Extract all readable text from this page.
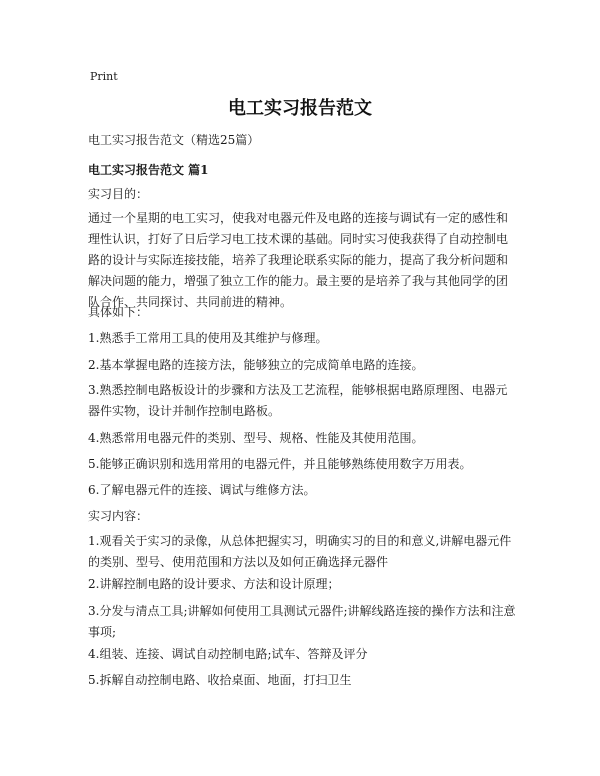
Print
电工实习报告范文

电工实习报告范文（精选25篇）

电工实习报告范文 篇1

实习目的：

通过一个星期的电工实习，使我对电器元件及电路的连接与调试有一定的感性和理性认识，打好了日后学习电工技术课的基础。同时实习使我获得了自动控制电路的设计与实际连接技能，培养了我理论联系实际的能力，提高了我分析问题和解决问题的能力，增强了独立工作的能力。最主要的是培养了我与其他同学的团队合作、共同探讨、共同前进的精神。

具体如下：

1.熟悉手工常用工具的使用及其维护与修理。

2.基本掌握电路的连接方法，能够独立的完成简单电路的连接。

3.熟悉控制电路板设计的步骤和方法及工艺流程，能够根据电路原理图、电器元器件实物，设计并制作控制电路板。

4.熟悉常用电器元件的类别、型号、规格、性能及其使用范围。

5.能够正确识别和选用常用的电器元件，并且能够熟练使用数字万用表。

6.了解电器元件的连接、调试与维修方法。

实习内容：

1.观看关于实习的录像，从总体把握实习，明确实习的目的和意义,讲解电器元件的类别、型号、使用范围和方法以及如何正确选择元器件

2.讲解控制电路的设计要求、方法和设计原理；

3.分发与清点工具;讲解如何使用工具测试元器件;讲解线路连接的操作方法和注意事项;

4.组装、连接、调试自动控制电路;试车、答辩及评分

5.拆解自动控制电路、收拾桌面、地面，打扫卫生
